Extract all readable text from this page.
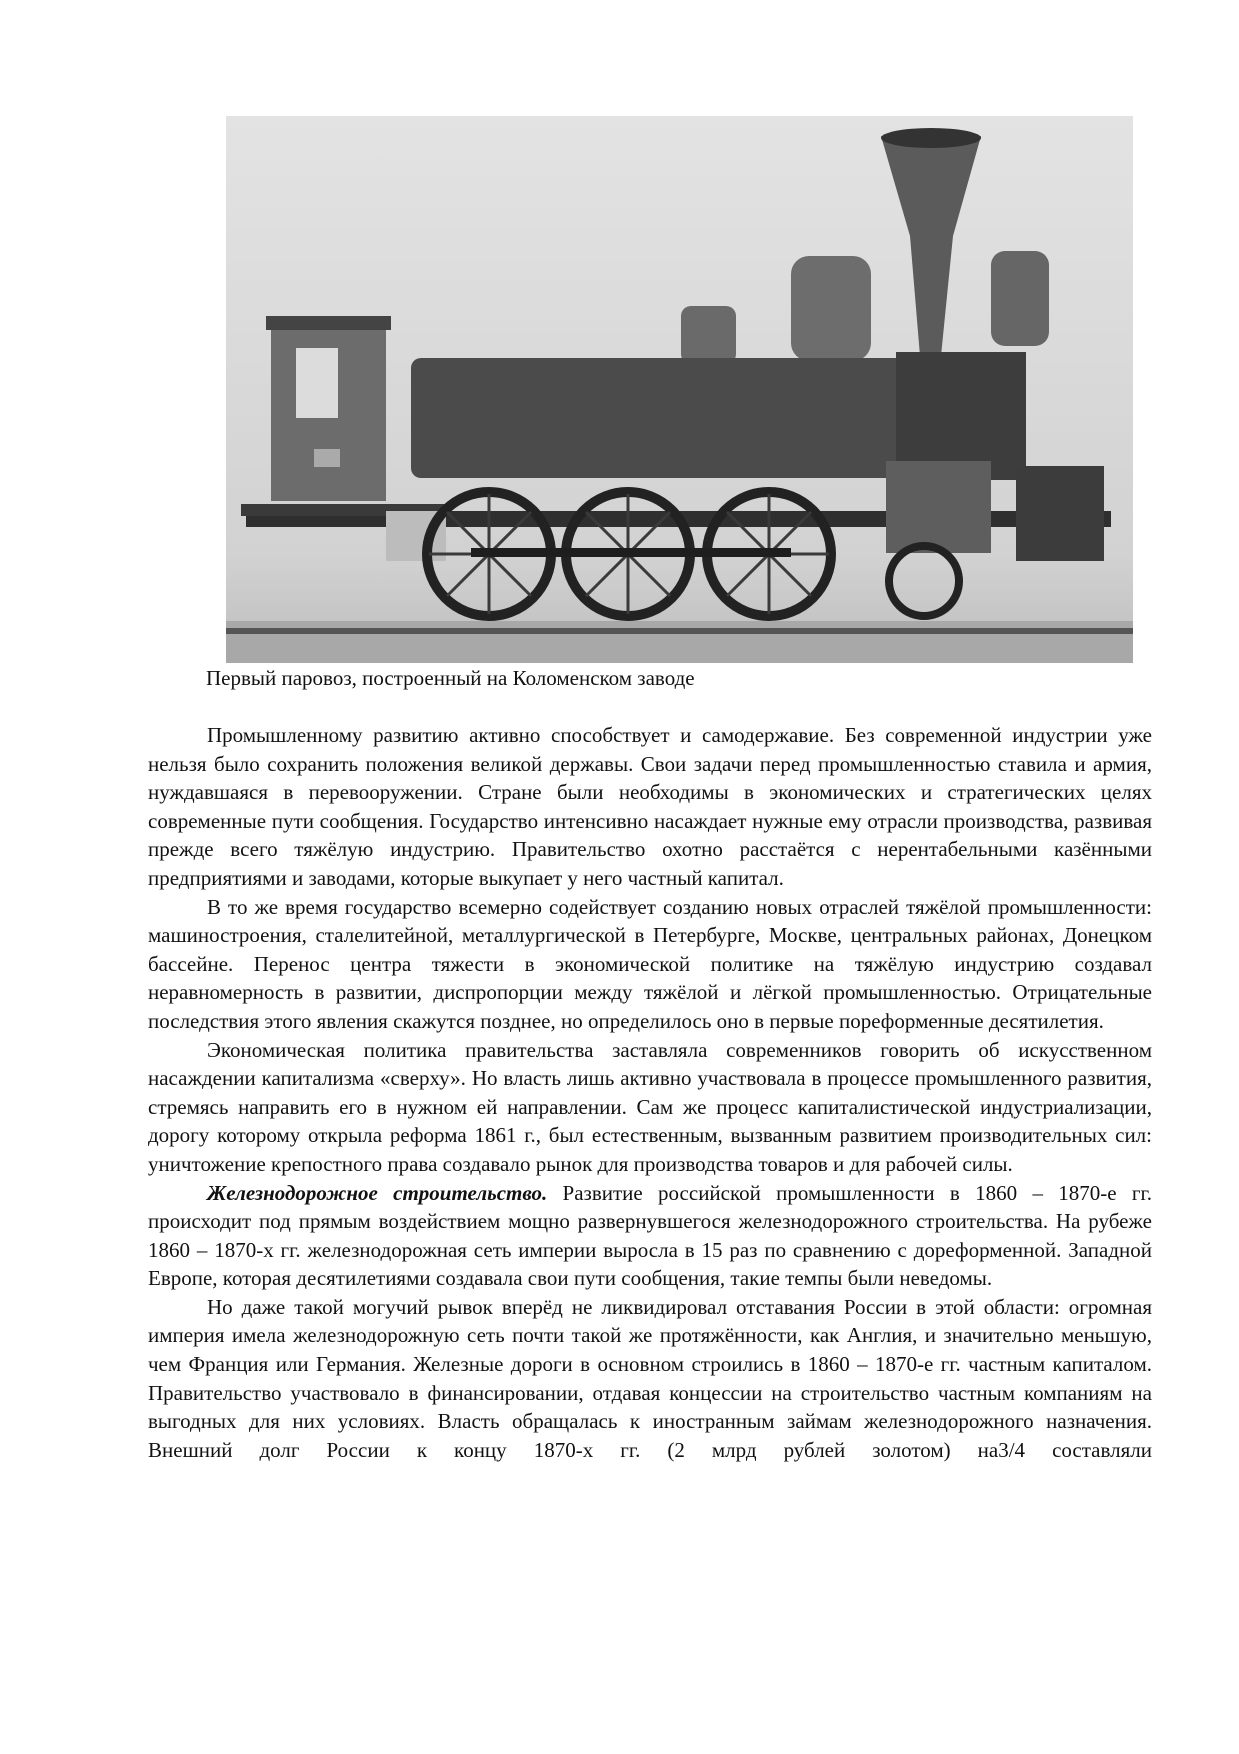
Первый паровоз, построенный на Коломенском заводе

Промышленному развитию активно способствует и самодержавие. Без современной индустрии уже нельзя было сохранить положения великой державы. Свои задачи перед промышленностью ставила и армия, нуждавшаяся в перевооружении. Стране были необходимы в экономических и стратегических целях современные пути сообщения. Государство интенсивно насаждает нужные ему отрасли производства, развивая прежде всего тяжёлую индустрию. Правительство охотно расстаётся с нерентабельными казёнными предприятиями и заводами, которые выкупает у него частный капитал.

В то же время государство всемерно содействует созданию новых отраслей тяжёлой промышленности: машиностроения, сталелитейной, металлургической в Петербурге, Москве, центральных районах, Донецком бассейне. Перенос центра тяжести в экономической политике на тяжёлую индустрию создавал неравномерность в развитии, диспропорции между тяжёлой и лёгкой промышленностью. Отрицательные последствия этого явления скажутся позднее, но определилось оно в первые пореформенные десятилетия.

Экономическая политика правительства заставляла современников говорить об искусственном насаждении капитализма «сверху». Но власть лишь активно участвовала в процессе промышленного развития, стремясь направить его в нужном ей направлении. Сам же процесс капиталистической индустриализации, дорогу которому открыла реформа 1861 г., был естественным, вызванным развитием производительных сил: уничтожение крепостного права создавало рынок для производства товаров и для рабочей силы.

Железнодорожное строительство. Развитие российской промышленности в 1860 – 1870-е гг. происходит под прямым воздействием мощно развернувшегося железнодорожного строительства. На рубеже 1860 – 1870-х гг. железнодорожная сеть империи выросла в 15 раз по сравнению с дореформенной. Западной Европе, которая десятилетиями создавала свои пути сообщения, такие темпы были неведомы.

Но даже такой могучий рывок вперёд не ликвидировал отставания России в этой области: огромная империя имела железнодорожную сеть почти такой же протяжённости, как Англия, и значительно меньшую, чем Франция или Германия. Железные дороги в основном строились в 1860 – 1870-е гг. частным капиталом. Правительство участвовало в финансировании, отдавая концессии на строительство частным компаниям на выгодных для них условиях. Власть обращалась к иностранным займам железнодорожного назначения. Внешний долг России к концу 1870-х гг. (2 млрд рублей золотом) на3/4 составляли
